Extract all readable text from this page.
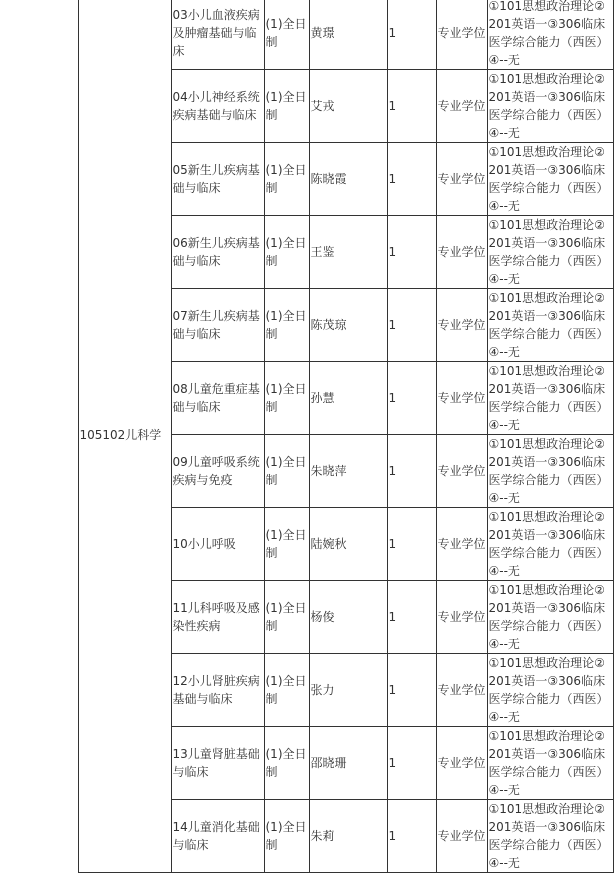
	105102儿科学	03小儿血液疾病及肿瘤基础与临床	(1)全日制	黄璟	1	专业学位	①101思想政治理论②201英语一③306临床医学综合能力（西医）④--无
		04小儿神经系统疾病基础与临床	(1)全日制	艾戎	1	专业学位	①101思想政治理论②201英语一③306临床医学综合能力（西医）④--无
		05新生儿疾病基础与临床	(1)全日制	陈晓霞	1	专业学位	①101思想政治理论②201英语一③306临床医学综合能力（西医）④--无
		06新生儿疾病基础与临床	(1)全日制	王鉴	1	专业学位	①101思想政治理论②201英语一③306临床医学综合能力（西医）④--无
		07新生儿疾病基础与临床	(1)全日制	陈茂琼	1	专业学位	①101思想政治理论②201英语一③306临床医学综合能力（西医）④--无
		08儿童危重症基础与临床	(1)全日制	孙慧	1	专业学位	①101思想政治理论②201英语一③306临床医学综合能力（西医）④--无
		09儿童呼吸系统疾病与免疫	(1)全日制	朱晓萍	1	专业学位	①101思想政治理论②201英语一③306临床医学综合能力（西医）④--无
		10小儿呼吸	(1)全日制	陆婉秋	1	专业学位	①101思想政治理论②201英语一③306临床医学综合能力（西医）④--无
		11儿科呼吸及感染性疾病	(1)全日制	杨俊	1	专业学位	①101思想政治理论②201英语一③306临床医学综合能力（西医）④--无
		12小儿肾脏疾病基础与临床	(1)全日制	张力	1	专业学位	①101思想政治理论②201英语一③306临床医学综合能力（西医）④--无
		13儿童肾脏基础与临床	(1)全日制	邵晓珊	1	专业学位	①101思想政治理论②201英语一③306临床医学综合能力（西医）④--无
		14儿童消化基础与临床	(1)全日制	朱莉	1	专业学位	①101思想政治理论②201英语一③306临床医学综合能力（西医）④--无
